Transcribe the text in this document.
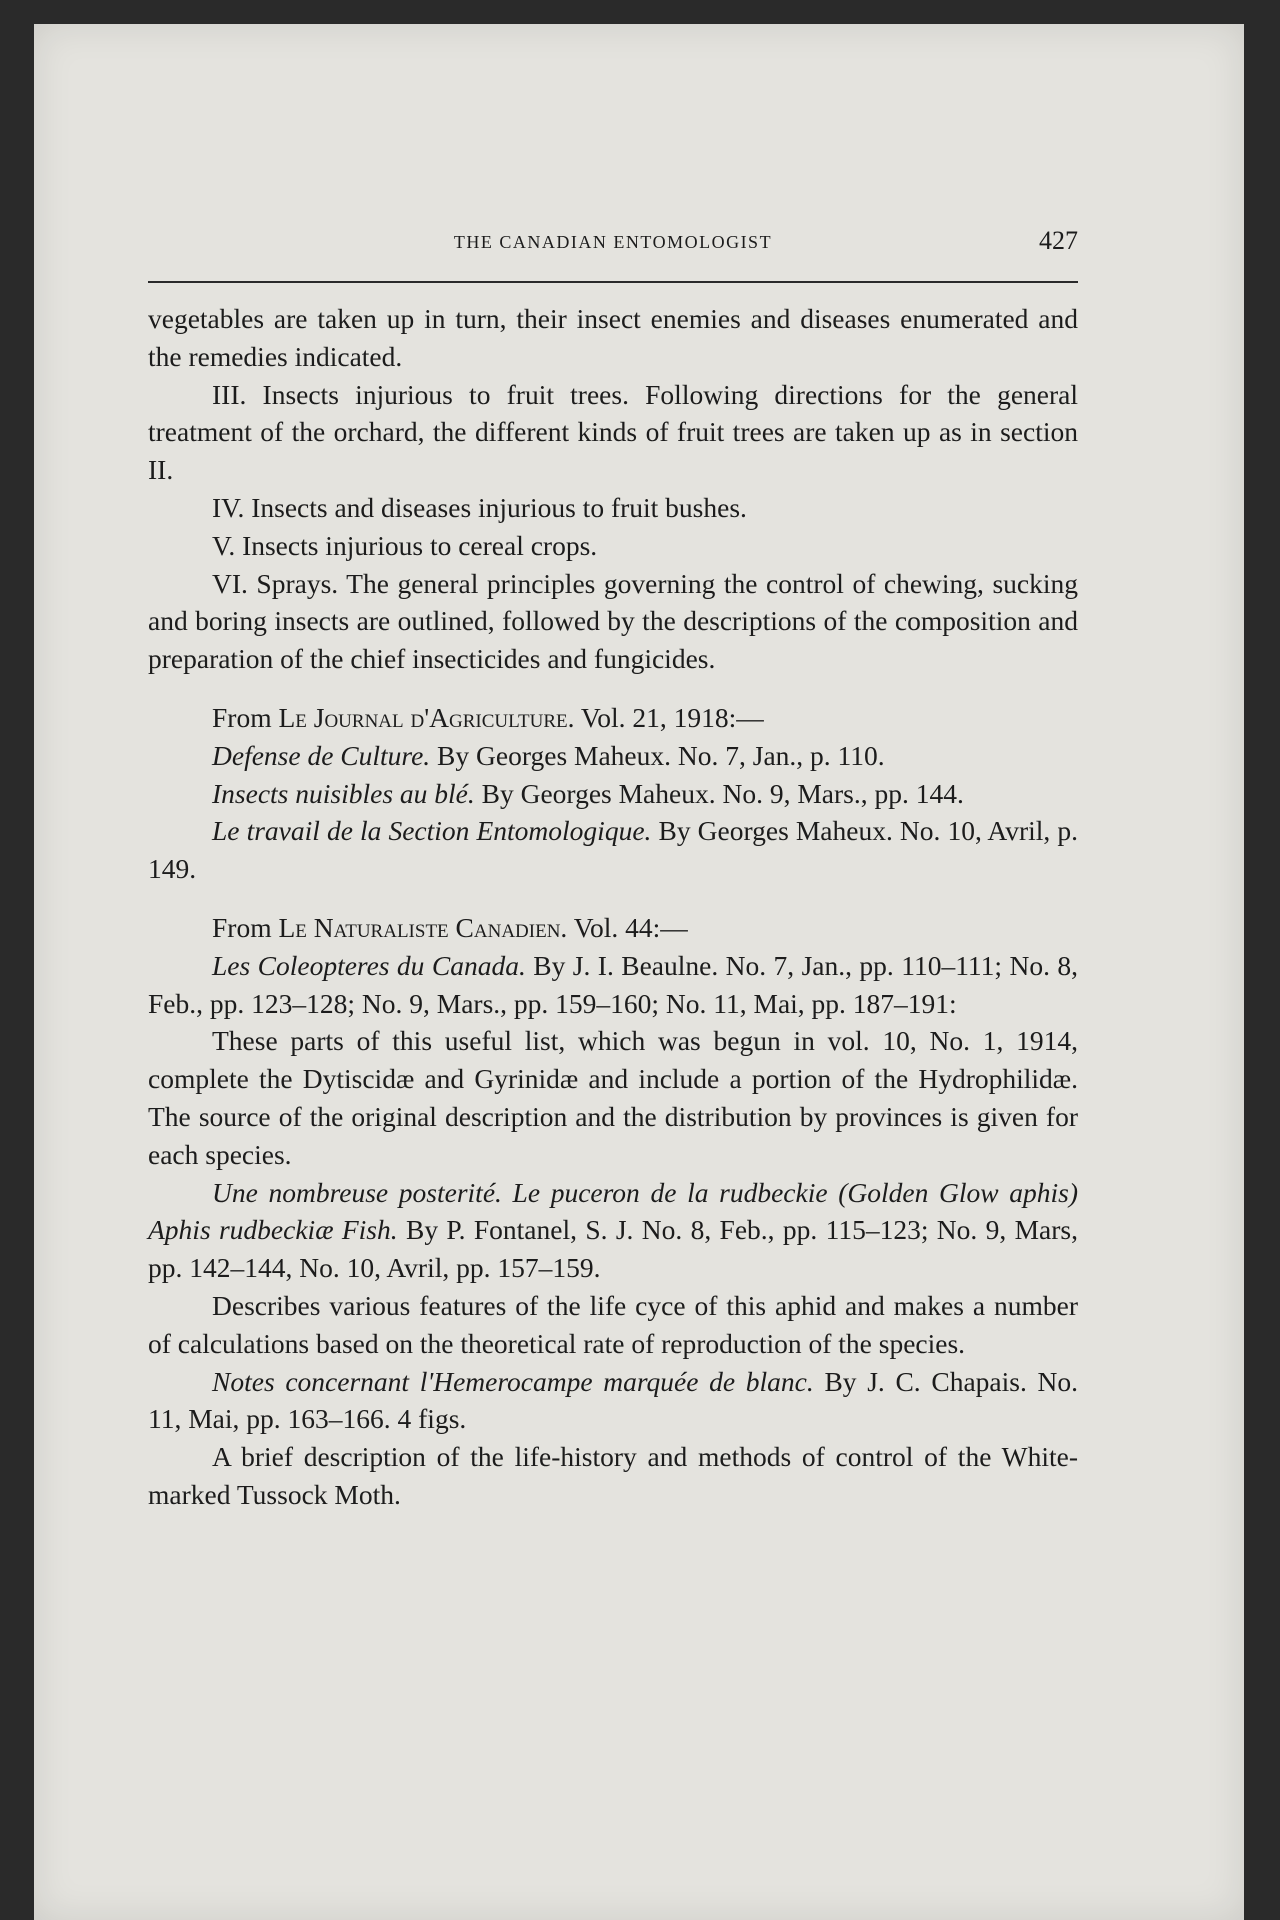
THE CANADIAN ENTOMOLOGIST	427

vegetables are taken up in turn, their insect enemies and diseases enumerated and the remedies indicated.

III. Insects injurious to fruit trees. Following directions for the general treatment of the orchard, the different kinds of fruit trees are taken up as in section II.

IV. Insects and diseases injurious to fruit bushes.

V. Insects injurious to cereal crops.

VI. Sprays. The general principles governing the control of chewing, sucking and boring insects are outlined, followed by the descriptions of the composition and preparation of the chief insecticides and fungicides.

From Le Journal d'Agriculture. Vol. 21, 1918:—

Defense de Culture. By Georges Maheux. No. 7, Jan., p. 110.

Insects nuisibles au blé. By Georges Maheux. No. 9, Mars., pp. 144.

Le travail de la Section Entomologique. By Georges Maheux. No. 10, Avril, p. 149.

From Le Naturaliste Canadien. Vol. 44:—

Les Coleopteres du Canada. By J. I. Beaulne. No. 7, Jan., pp. 110–111; No. 8, Feb., pp. 123–128; No. 9, Mars., pp. 159–160; No. 11, Mai, pp. 187–191:

These parts of this useful list, which was begun in vol. 10, No. 1, 1914, complete the Dytiscidæ and Gyrinidæ and include a portion of the Hydrophilidæ. The source of the original description and the distribution by provinces is given for each species.

Une nombreuse posterité. Le puceron de la rudbeckie (Golden Glow aphis) Aphis rudbeckiæ Fish. By P. Fontanel, S. J. No. 8, Feb., pp. 115–123; No. 9, Mars, pp. 142–144, No. 10, Avril, pp. 157–159.

Describes various features of the life cyce of this aphid and makes a number of calculations based on the theoretical rate of reproduction of the species.

Notes concernant l'Hemerocampe marquée de blanc. By J. C. Chapais. No. 11, Mai, pp. 163–166. 4 figs.

A brief description of the life-history and methods of control of the White-marked Tussock Moth.
